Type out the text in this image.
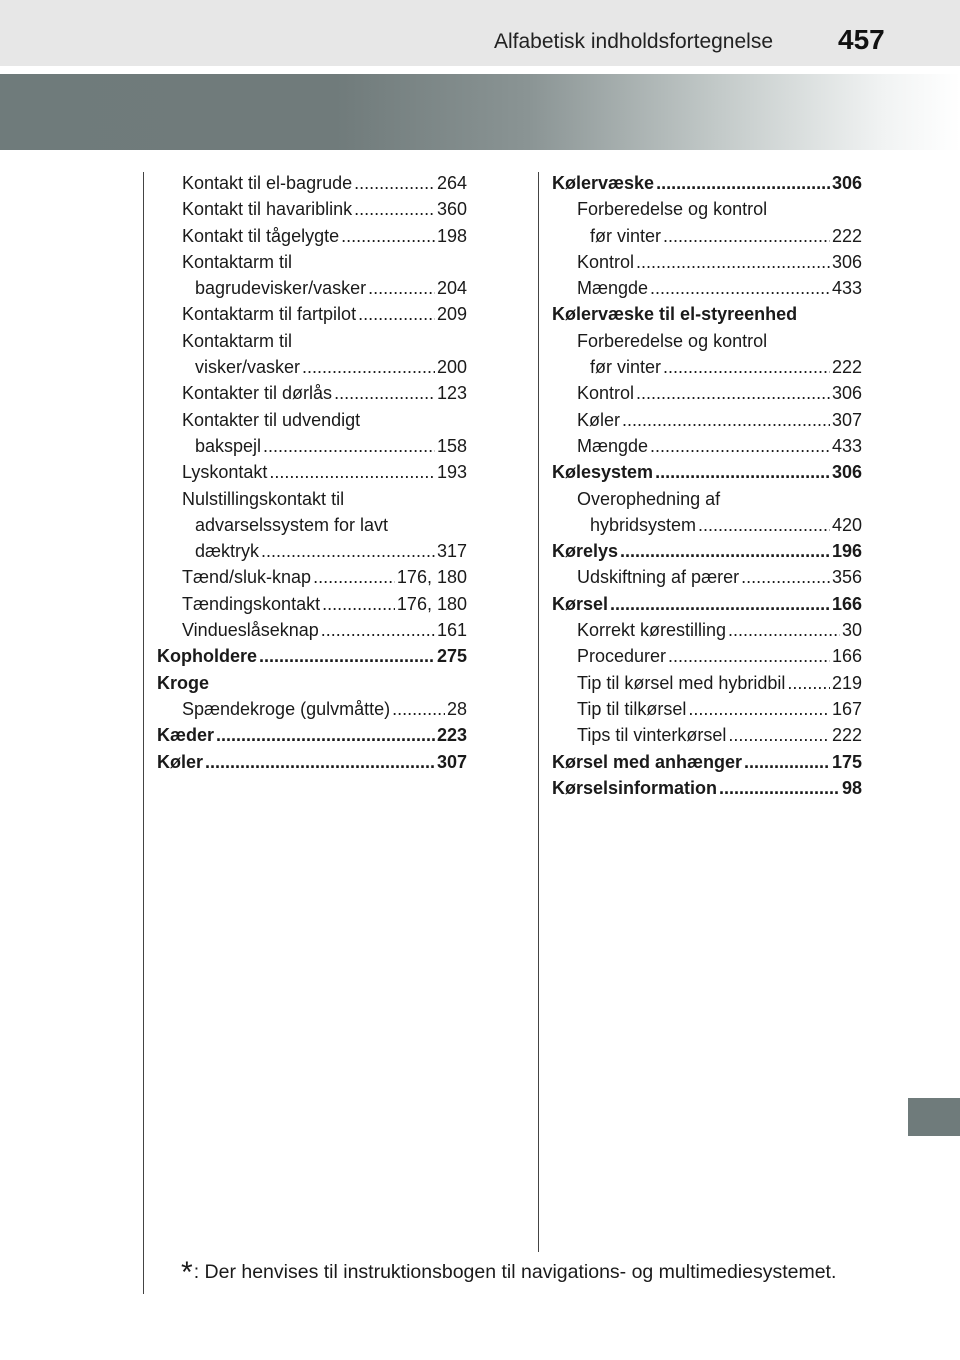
Alfabetisk indholdsfortegnelse 457
Kontakt til el-bagrude .....	264
Kontakt til havariblink .....	360
Kontakt til tågelygte .....	198
Kontaktarm til
bagrudevisker/vasker .....	204
Kontaktarm til fartpilot .....	209
Kontaktarm til
visker/vasker .....	200
Kontakter til dørlås .....	123
Kontakter til udvendigt
bakspejl .....	158
Lyskontakt .....	193
Nulstillingskontakt til
advarselssystem for lavt
dæktryk .....	317
Tænd/sluk-knap .....	176, 180
Tændingskontakt .....	176, 180
Vindueslåseknap .....	161
Kopholdere .....	275
Kroge
Spændekroge (gulvmåtte) .....	28
Kæder .....	223
Køler .....	307
Kølervæske .....	306
Forberedelse og kontrol
før vinter .....	222
Kontrol .....	306
Mængde .....	433
Kølervæske til el-styreenhed
Forberedelse og kontrol
før vinter .....	222
Kontrol .....	306
Køler .....	307
Mængde .....	433
Kølesystem .....	306
Overophedning af
hybridsystem .....	420
Kørelys .....	196
Udskiftning af pærer .....	356
Kørsel .....	166
Korrekt kørestilling .....	30
Procedurer .....	166
Tip til kørsel med hybridbil .....	219
Tip til tilkørsel .....	167
Tips til vinterkørsel .....	222
Kørsel med anhænger .....	175
Kørselsinformation .....	98
*: Der henvises til instruktionsbogen til navigations- og multimediesystemet.
